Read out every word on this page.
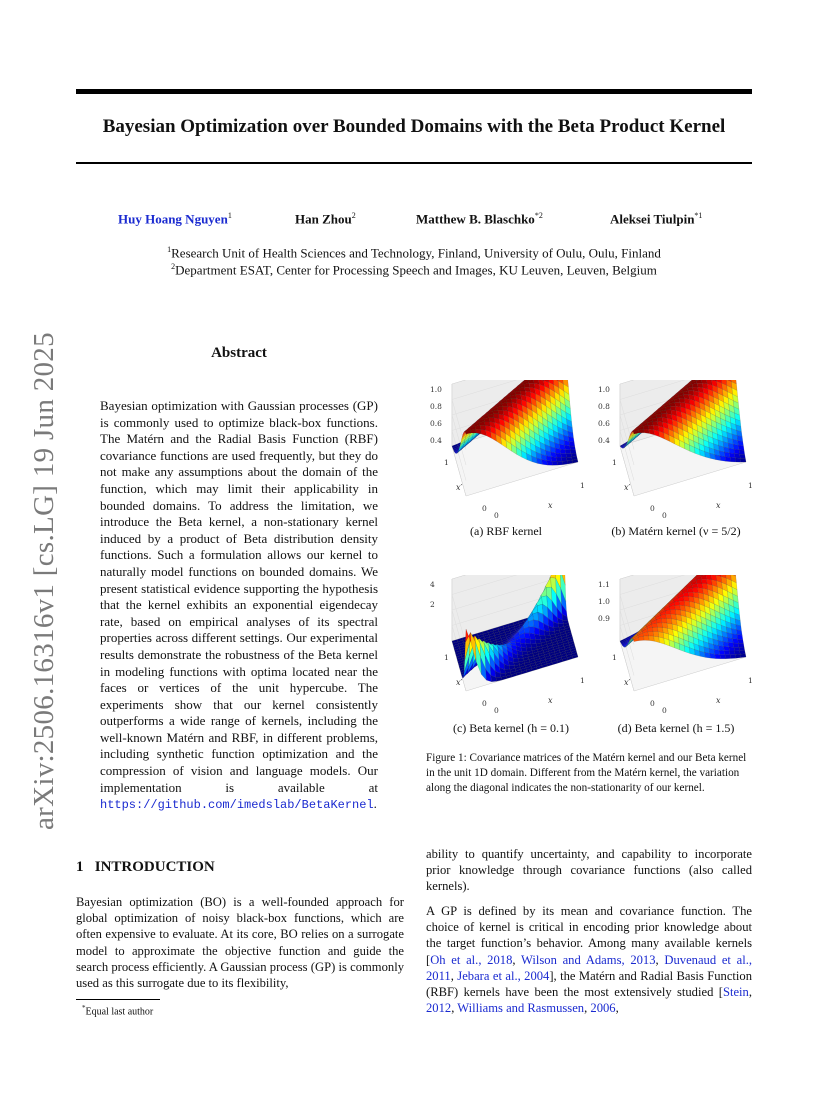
Bayesian Optimization over Bounded Domains with the Beta Product Kernel
Huy Hoang Nguyen$^1$	Han Zhou$^2$	Matthew B. Blaschko$^{*2}$	Aleksei Tiulpin$^{*1}$
$^1$Research Unit of Health Sciences and Technology, Finland, University of Oulu, Oulu, Finland
$^2$Department ESAT, Center for Processing Speech and Images, KU Leuven, Leuven, Belgium
arXiv:2506.16316v1 [cs.LG] 19 Jun 2025	Abstract
Bayesian optimization with Gaussian processes (GP) is commonly used to optimize black-box functions. The Matérn and the Radial Basis Function (RBF) covariance functions are used frequently, but they do not make any assumptions about the domain of the function, which may limit their applicability in bounded domains. To address the limitation, we introduce the Beta kernel, a non-stationary kernel induced by a product of Beta distribution density functions. Such a formulation allows our kernel to naturally model functions on bounded domains. We present statistical evidence supporting the hypothesis that the kernel exhibits an exponential eigendecay rate, based on empirical analyses of its spectral properties across different settings. Our experimental results demonstrate the robustness of the Beta kernel in modeling functions with optima located near the faces or vertices of the unit hypercube. The experiments show that our kernel consistently outperforms a wide range of kernels, including the well-known Matérn and RBF, in different problems, including synthetic function optimization and the compression of vision and language models. Our implementation is available at https://github.com/imedslab/BetaKernel.
1.0
0.8
0.6
0.4
1
x′
0
0
x
1
1.0
0.8
0.6
0.4
1
x′
0
0
x
1
4
2
1
x′
0
0
x
1
1.1
1.0
0.9
1
x′
0
0
x
1
(a) RBF kernel	(b) Matérn kernel (ν = 5/2)
(c) Beta kernel (h = 0.1)	(d) Beta kernel (h = 1.5)
Figure 1: Covariance matrices of the Matérn kernel and our Beta kernel in the unit 1D domain. Different from the Matérn kernel, the variation along the diagonal indicates the non-stationarity of our kernel.
1 INTRODUCTION
Bayesian optimization (BO) is a well-founded approach for global optimization of noisy black-box functions, which are often expensive to evaluate. At its core, BO relies on a surrogate model to approximate the objective function and guide the search process efficiently. A Gaussian process (GP) is commonly used as this surrogate due to its flexibility,
*Equal last author
ability to quantify uncertainty, and capability to incorporate prior knowledge through covariance functions (also called kernels).
A GP is defined by its mean and covariance function. The choice of kernel is critical in encoding prior knowledge about the target function’s behavior. Among many available kernels [Oh et al., 2018, Wilson and Adams, 2013, Duvenaud et al., 2011, Jebara et al., 2004], the Matérn and Radial Basis Function (RBF) kernels have been the most extensively studied [Stein, 2012, Williams and Rasmussen, 2006,
